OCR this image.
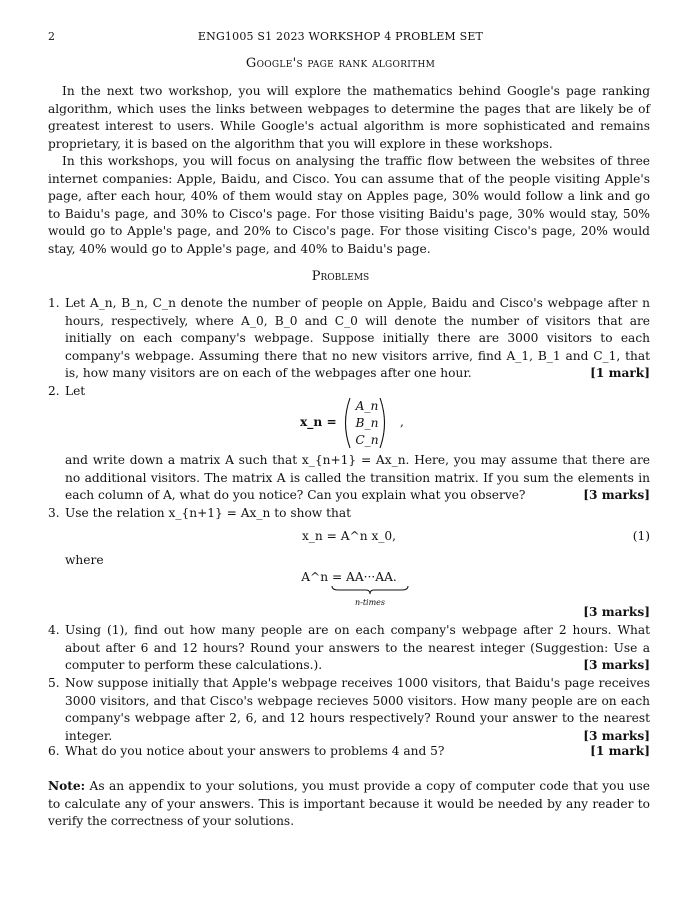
2	ENG1005 S1 2023 WORKSHOP 4 PROBLEM SET
Google's page rank algorithm

In the next two workshop, you will explore the mathematics behind Google's page ranking algorithm, which uses the links between webpages to determine the pages that are likely be of greatest interest to users. While Google's actual algorithm is more sophisticated and remains proprietary, it is based on the algorithm that you will explore in these workshops.

In this workshops, you will focus on analysing the traffic flow between the websites of three internet companies: Apple, Baidu, and Cisco. You can assume that of the people visiting Apple's page, after each hour, 40% of them would stay on Apples page, 30% would follow a link and go to Baidu's page, and 30% to Cisco's page. For those visiting Baidu's page, 30% would stay, 50% would go to Apple's page, and 20% to Cisco's page. For those visiting Cisco's page, 20% would stay, 40% would go to Apple's page, and 40% to Baidu's page.

Problems
1. Let A_n, B_n, C_n denote the number of people on Apple, Baidu and Cisco's webpage after n hours, respectively, where A_0, B_0 and C_0 will denote the number of visitors that are initially on each company's webpage. Suppose initially there are 3000 visitors to each company's webpage. Assuming there that no new visitors arrive, find A_1, B_1 and C_1, that is, how many visitors are on each of the webpages after one hour.	[1 mark]
2. Let
x_n =
A_n
B_n
C_n
,
and write down a matrix A such that x_{n+1} = Ax_n. Here, you may assume that there are no additional visitors. The matrix A is called the transition matrix. If you sum the elements in each column of A, what do you notice? Can you explain what you observe?	[3 marks]
3. Use the relation x_{n+1} = Ax_n to show that
x_n = A^n x_0,	(1)
where
A^n = AA···AA.
n-times
[3 marks]
4. Using (1), find out how many people are on each company's webpage after 2 hours. What about after 6 and 12 hours? Round your answers to the nearest integer (Suggestion: Use a computer to perform these calculations.).	[3 marks]
5. Now suppose initially that Apple's webpage receives 1000 visitors, that Baidu's page receives 3000 visitors, and that Cisco's webpage recieves 5000 visitors. How many people are on each company's webpage after 2, 6, and 12 hours respectively? Round your answer to the nearest integer.	[3 marks]
6. What do you notice about your answers to problems 4 and 5?	[1 mark]
Note: As an appendix to your solutions, you must provide a copy of computer code that you use to calculate any of your answers. This is important because it would be needed by any reader to verify the correctness of your solutions.
